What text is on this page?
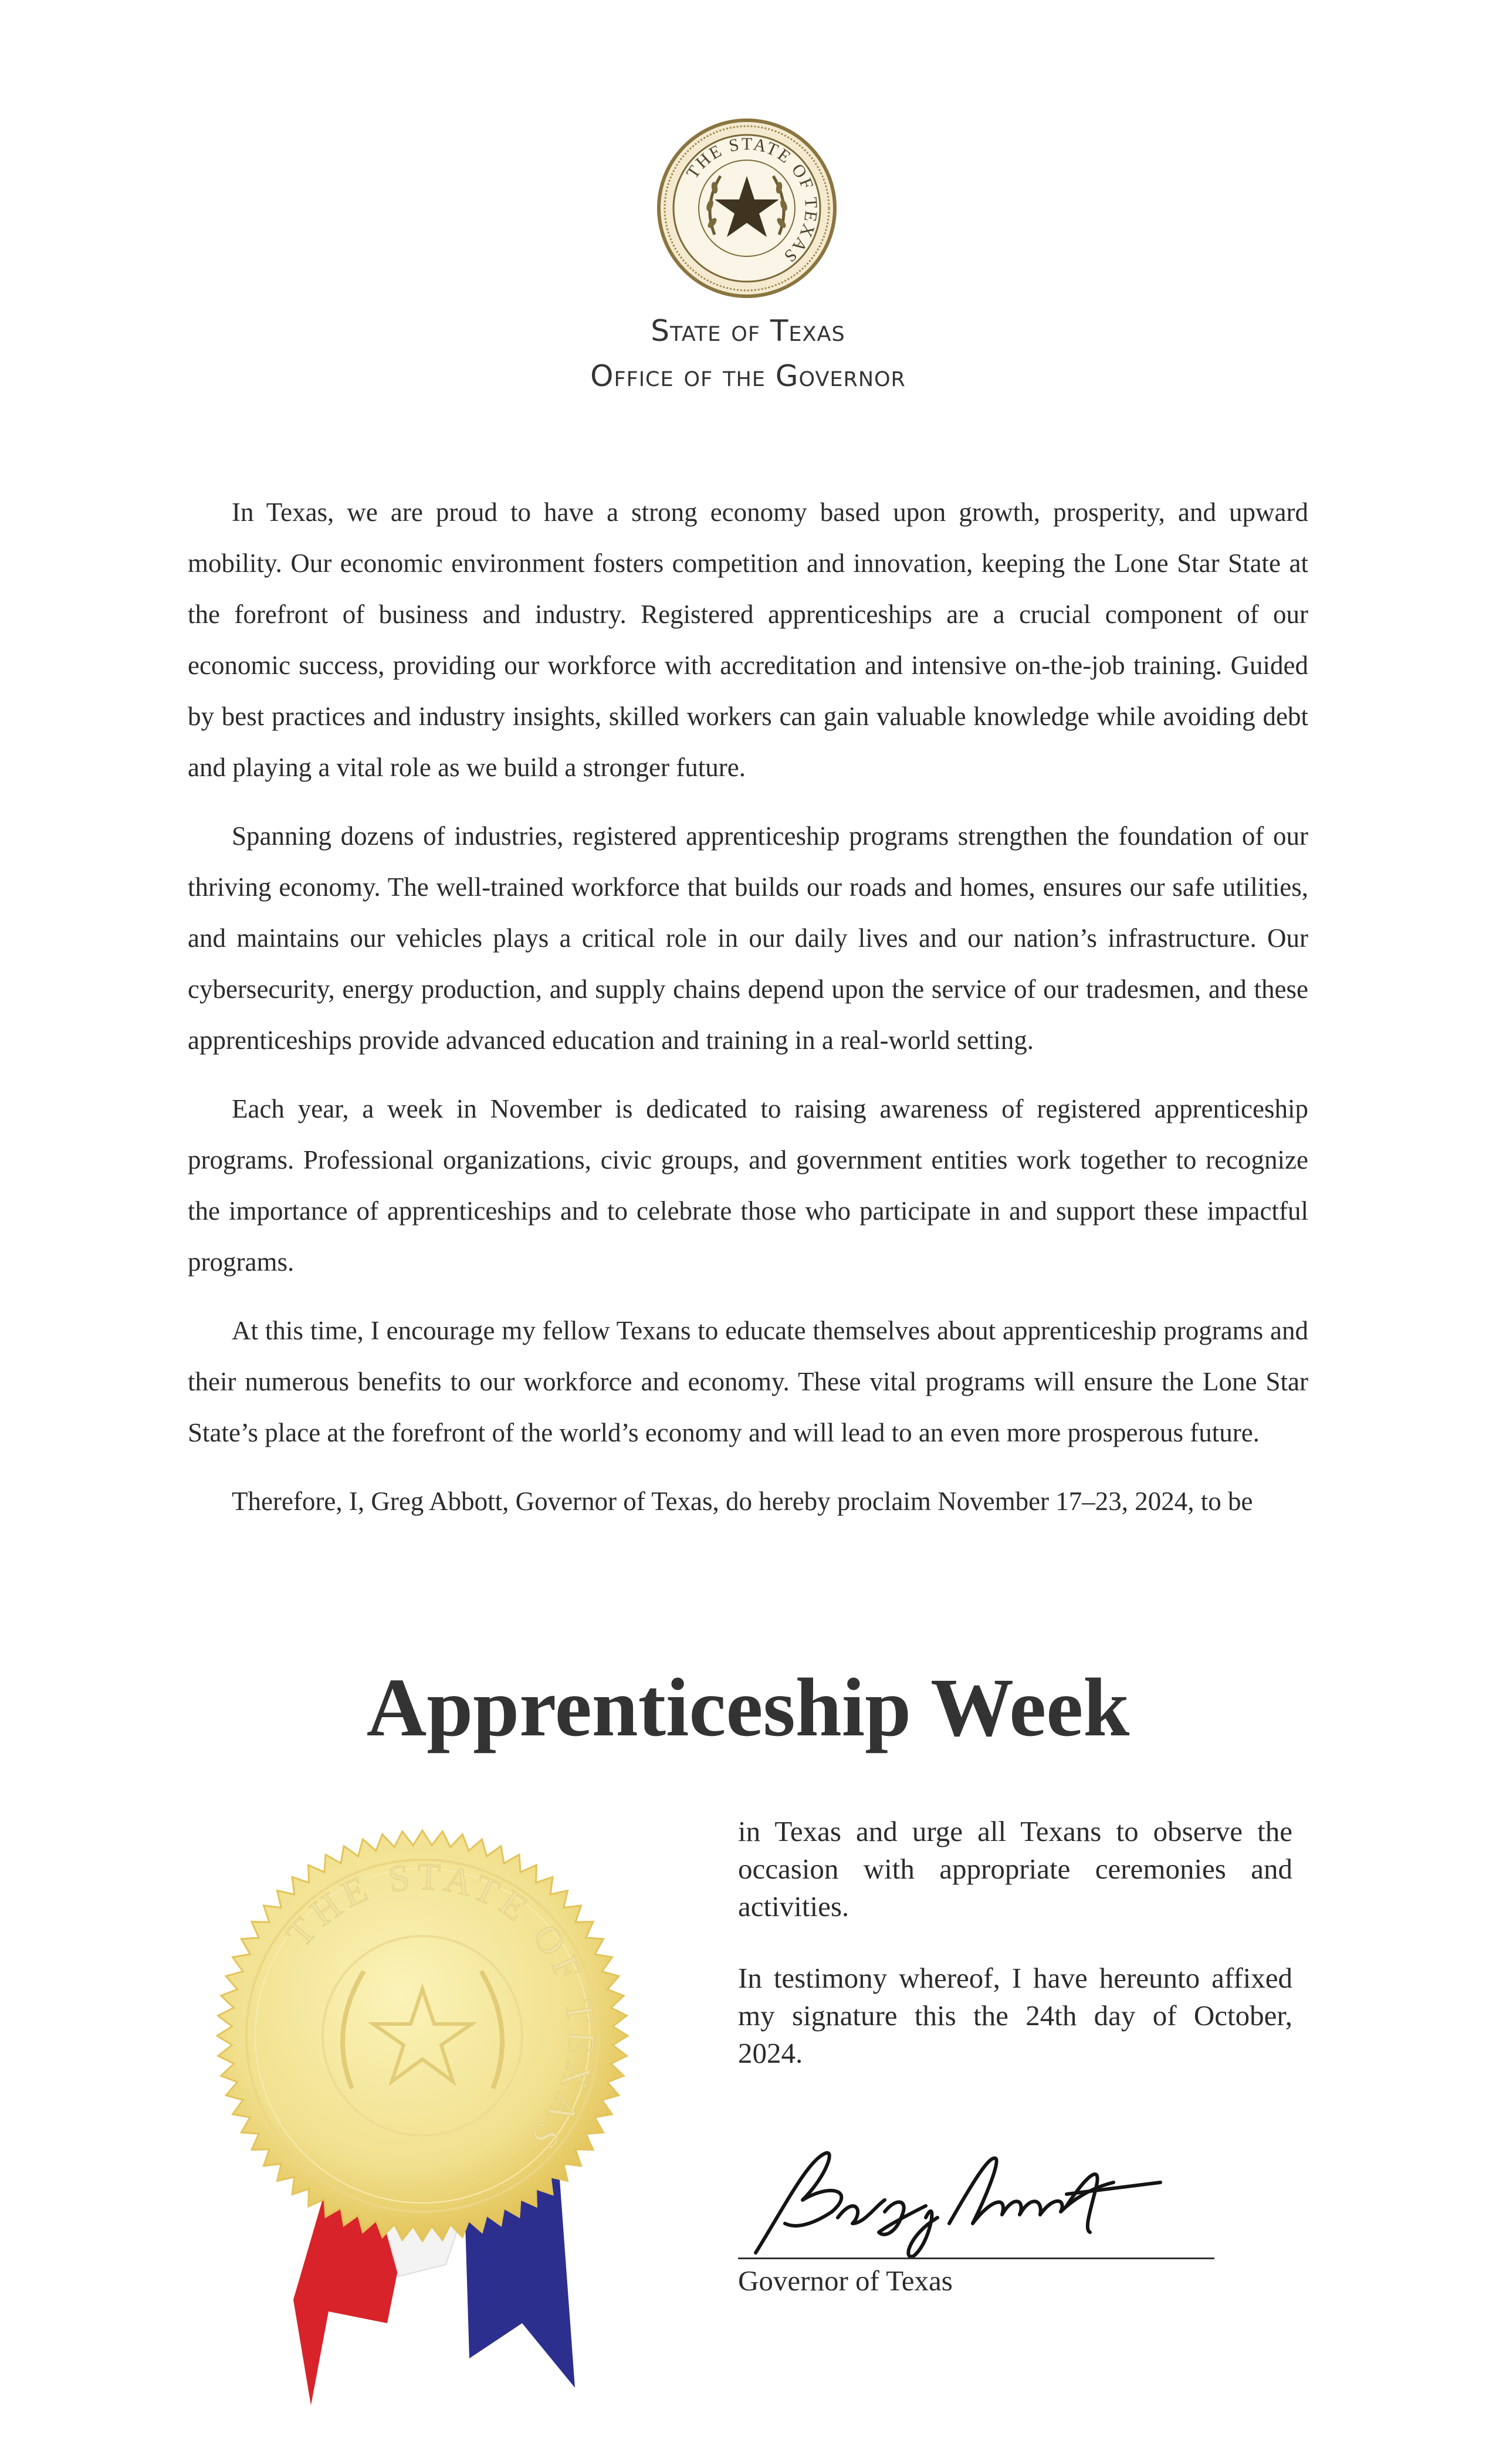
THE STATE OF TEXAS
State of Texas
Office of the Governor

In Texas, we are proud to have a strong economy based upon growth, prosperity, and upward mobility. Our economic environment fosters competition and innovation, keeping the Lone Star State at the forefront of business and industry. Registered apprenticeships are a crucial component of our economic success, providing our workforce with accreditation and intensive on-the-job training. Guided by best practices and industry insights, skilled workers can gain valuable knowledge while avoiding debt and playing a vital role as we build a stronger future.

Spanning dozens of industries, registered apprenticeship programs strengthen the foundation of our thriving economy. The well-trained workforce that builds our roads and homes, ensures our safe utilities, and maintains our vehicles plays a critical role in our daily lives and our nation’s infrastructure. Our cybersecurity, energy production, and supply chains depend upon the service of our tradesmen, and these apprenticeships provide advanced education and training in a real-world setting.

Each year, a week in November is dedicated to raising awareness of registered apprenticeship programs. Professional organizations, civic groups, and government entities work together to recognize the importance of apprenticeships and to celebrate those who participate in and support these impactful programs.

At this time, I encourage my fellow Texans to educate themselves about apprenticeship programs and their numerous benefits to our workforce and economy. These vital programs will ensure the Lone Star State’s place at the forefront of the world’s economy and will lead to an even more prosperous future.

Therefore, I, Greg Abbott, Governor of Texas, do hereby proclaim November 17–23, 2024, to be

Apprenticeship Week
THE STATE OF TEXAS

in Texas and urge all Texans to observe the occasion with appropriate ceremonies and activities.

In testimony whereof, I have hereunto affixed my signature this the 24th day of October, 2024.

Governor of Texas
